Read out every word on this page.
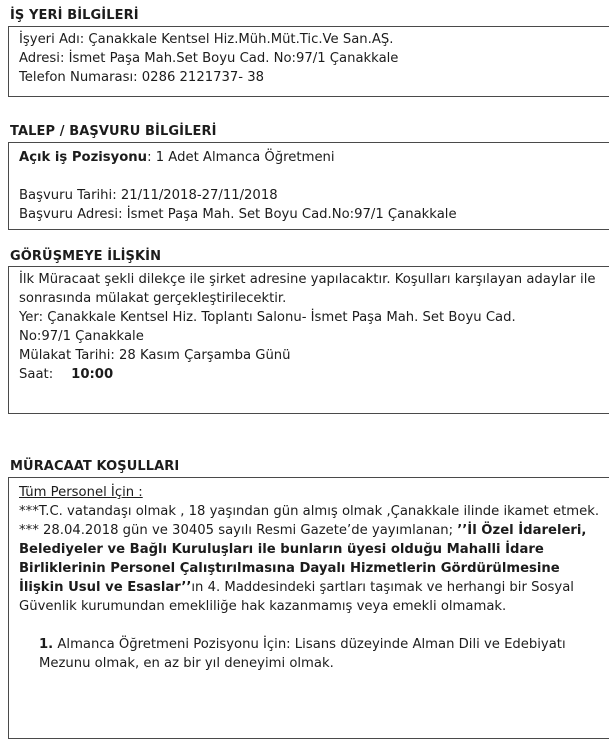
İŞ YERİ BİLGİLERİ
İşyeri Adı: Çanakkale Kentsel Hiz.Müh.Müt.Tic.Ve San.AŞ.
Adresi: İsmet Paşa Mah.Set Boyu Cad. No:97/1 Çanakkale
Telefon Numarası: 0286 2121737- 38
TALEP / BAŞVURU BİLGİLERİ
Açık iş Pozisyonu: 1 Adet Almanca Öğretmeni
Başvuru Tarihi: 21/11/2018-27/11/2018
Başvuru Adresi: İsmet Paşa Mah. Set Boyu Cad.No:97/1 Çanakkale
GÖRÜŞMEYE İLİŞKİN
İlk Müracaat şekli dilekçe ile şirket adresine yapılacaktır. Koşulları karşılayan adaylar ile sonrasında mülakat gerçekleştirilecektir.
Yer: Çanakkale Kentsel Hiz. Toplantı Salonu- İsmet Paşa Mah. Set Boyu Cad.
No:97/1 Çanakkale
Mülakat Tarihi: 28 Kasım Çarşamba Günü
Saat: 10:00
MÜRACAAT KOŞULLARI
Tüm Personel İçin :
***T.C. vatandaşı olmak , 18 yaşından gün almış olmak ,Çanakkale ilinde ikamet etmek.
*** 28.04.2018 gün ve 30405 sayılı Resmi Gazete’de yayımlanan; ’’İl Özel İdareleri, Belediyeler ve Bağlı Kuruluşları ile bunların üyesi olduğu Mahalli İdare Birliklerinin Personel Çalıştırılmasına Dayalı Hizmetlerin Gördürülmesine İlişkin Usul ve Esaslar’’ın 4. Maddesindeki şartları taşımak ve herhangi bir Sosyal Güvenlik kurumundan emekliliğe hak kazanmamış veya emekli olmamak.
1. Almanca Öğretmeni Pozisyonu İçin: Lisans düzeyinde Alman Dili ve Edebiyatı Mezunu olmak, en az bir yıl deneyimi olmak.
